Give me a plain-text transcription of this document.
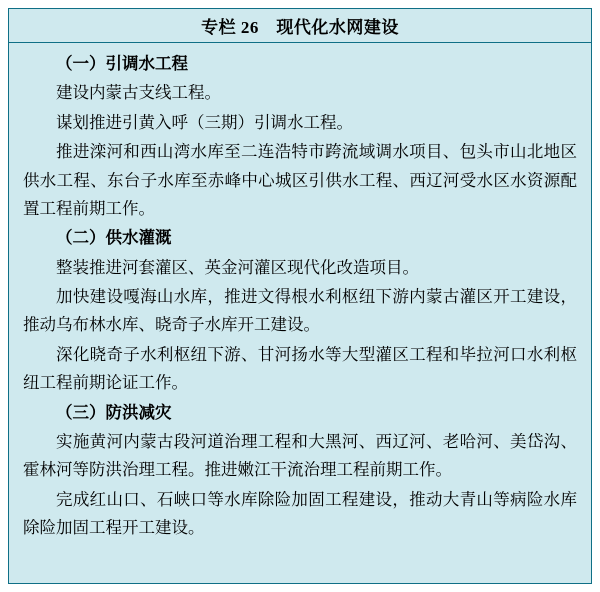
专栏 26　现代化水网建设

（一）引调水工程

建设内蒙古支线工程。

谋划推进引黄入呼（三期）引调水工程。

推进滦河和西山湾水库至二连浩特市跨流域调水项目、包头市山北地区供水工程、东台子水库至赤峰中心城区引供水工程、西辽河受水区水资源配置工程前期工作。

（二）供水灌溉

整装推进河套灌区、英金河灌区现代化改造项目。

加快建设嘎海山水库，推进文得根水利枢纽下游内蒙古灌区开工建设，推动乌布林水库、晓奇子水库开工建设。

深化晓奇子水利枢纽下游、甘河扬水等大型灌区工程和毕拉河口水利枢纽工程前期论证工作。

（三）防洪减灾

实施黄河内蒙古段河道治理工程和大黑河、西辽河、老哈河、美岱沟、霍林河等防洪治理工程。推进嫩江干流治理工程前期工作。

完成红山口、石峡口等水库除险加固工程建设，推动大青山等病险水库除险加固工程开工建设。
